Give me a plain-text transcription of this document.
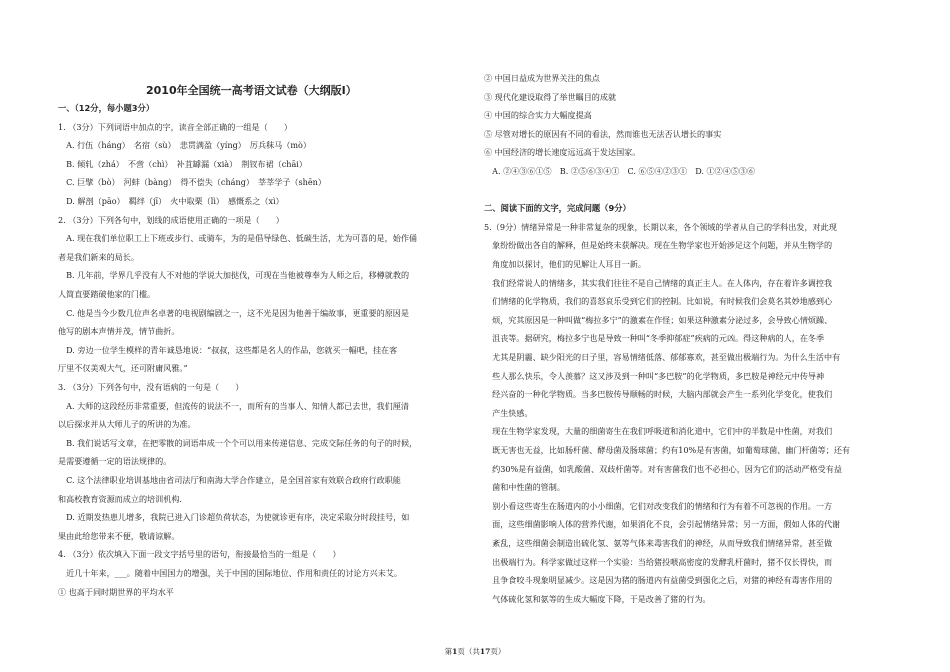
2010年全国统一高考语文试卷（大纲版Ⅰ）
一、（12分，每小题3分）
1. （3分）下列词语中加点的字，读音全部正确的一组是（　　）
　A. 行伍（háng）　名宿（sù）　悲贯满盈（yíng）　厉兵秣马（mò）
　B. 倾轧（zhá）　不啻（chì）　补苴罅漏（xià）　荆钗布裙（chāi）
　C. 巨擘（bò）　河蚌（bàng）　得不偿失（cháng）　莘莘学子（shēn）
　D. 解剖（pāo）　羁绊（jī）　火中取栗（lì）　感慨系之（xì）
2. （3分）下列各句中，划线的成语使用正确的一项是（　　）
　A. 现在我们单位职工上下班或步行、或骑车，为的是倡导绿色、低碳生活，尤为可喜的是，始作俑
者是我们新来的局长。
　B. 几年前，学界几乎没有人不对他的学说大加挞伐，可现在当他被尊奉为人师之后，移樽就教的
人简直要踏破他家的门槛。
　C. 他是当今少数几位声名卓著的电视剧编剧之一，这不光是因为他善于编故事，更重要的原因是
他写的剧本声情并茂，情节曲折。
　D. 旁边一位学生模样的青年诚恳地说：“叔叔，这些都是名人的作品，您就买一幅吧，挂在客
厅里不仅美观大气，还可附庸风雅。”
3. （3分）下列各句中，没有语病的一句是（　　）
　A. 大师的这段经历非常重要，但流传的说法不一，而所有的当事人、知情人都已去世，我们厘清
以后探求并从大师儿子的所讲的为准。
　B. 我们说话写文章，在把零散的词语串成一个个可以用来传递信息、完成交际任务的句子的时候，
是需要遵循一定的语法规律的。
　C. 这个法律职业培训基地由省司法厅和南海大学合作建立，是全国首家有效联合政府行政职能
和高校教育资源而成立的培训机构.
　D. 近期发热患儿增多，我院已进入门诊超负荷状态，为使就诊更有序，决定采取分时段挂号，如
果由此给您带来不便，敬请谅解。
4. （3分）依次填入下面一段文字括号里的语句，衔接最恰当的一组是（　　）
　近几十年来，___。随着中国国力的增强，关于中国的国际地位、作用和责任的讨论方兴未艾。
① 也高于同时期世界的平均水平
② 中国日益成为世界关注的焦点
③ 现代化建设取得了举世瞩目的成就
④ 中国的综合实力大幅度提高
⑤ 尽管对增长的原因有不同的看法，然而谁也无法否认增长的事实
⑥ 中国经济的增长速度远远高于发达国家。
　A. ②④③⑥①⑤　B. ②⑤⑥③④①　C. ⑥⑤④②③①　D. ①②④⑤③⑥
二、阅读下面的文字，完成问题（9分）
5.（9分）情绪异常是一种非常复杂的现象，长期以来，各个领域的学者从自己的学科出发，对此现
　象纷纷做出各自的解释，但是始终未获解决。现在生物学家也开始涉足这个问题，并从生物学的
　角度加以探讨，他们的见解让人耳目一新。
　我们经常说人的情绪多，其实我们往往不是自己情绪的真正主人。在人体内，存在着许多调控我
　们情绪的化学物质，我们的喜怒哀乐受到它们的控制。比如说，有时候我们会莫名其妙地感到心
　烦，究其原因是一种叫做“梅拉多宁”的激素在作怪；如果这种激素分泌过多，会导致心情烦躁、
　沮丧等。据研究，梅拉多宁也是导致一种叫“冬季抑郁症”疾病的元凶。得这种病的人，在冬季
　尤其是阴霾、缺少阳光的日子里，容易情绪低落、郁郁寡欢，甚至做出极端行为。为什么生活中有
　些人那么快乐，令人羡慕？这又涉及到一种叫“多巴胺”的化学物质，多巴胺是神经元中传导神
　经兴奋的一种化学物质。当多巴胺传导顺畅的时候，大脑内部就会产生一系列化学变化，使我们
　产生快感。
　现在生物学家发现，大量的细菌寄生在我们呼吸道和消化道中，它们中的半数是中性菌，对我们
　既无害也无益，比如肠杆菌、酵母菌及肠球菌；约有10%是有害菌，如葡萄球菌、幽门杆菌等；还有
　约30%是有益菌，如乳酸菌、双歧杆菌等。对有害菌我们也不必担心，因为它们的活动严格受有益
　菌和中性菌的管制。
　别小看这些寄生在肠道内的小小细菌，它们对改变我们的情绪和行为有着不可忽视的作用。一方
　面，这些细菌影响人体的营养代谢，如果消化不良，会引起情绪异常；另一方面，假如人体的代谢
　紊乱，这些细菌会制造出硫化氢、氨等气体来毒害我们的神经，从而导致我们情绪异常，甚至做
　出极端行为。科学家做过这样一个实验：当给猪投喂高密度的发酵乳杆菌时，猪不仅长得快，而
　且争食咬斗现象明显减少。这是因为猪的肠道内有益菌受到强化之后，对猪的神经有毒害作用的
　气体硫化氢和氨等的生成大幅度下降，于是改善了猪的行为。
第1页（共17页）
